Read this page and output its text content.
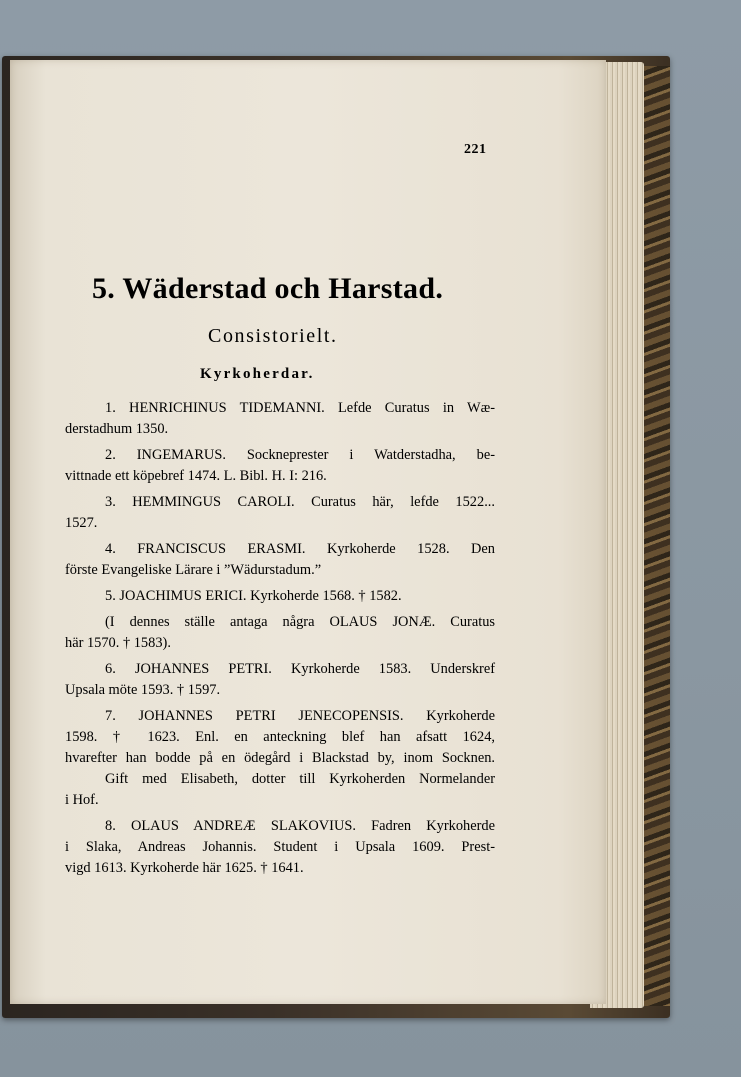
221
5. Wäderstad och Harstad.
Consistorielt.
Kyrkoherdar.
1. HENRICHINUS TIDEMANNI. Lefde Curatus in Wæ-
derstadhum 1350.
2. INGEMARUS. Sockneprester i Watderstadha, be-
vittnade ett köpebref 1474. L. Bibl. H. I: 216.
3. HEMMINGUS CAROLI. Curatus här, lefde 1522...
1527.
4. FRANCISCUS ERASMI. Kyrkoherde 1528. Den
förste Evangeliske Lärare i ”Wädurstadum.”
5. JOACHIMUS ERICI. Kyrkoherde 1568. † 1582.
(I dennes ställe antaga några OLAUS JONÆ. Curatus
här 1570. † 1583).
6. JOHANNES PETRI. Kyrkoherde 1583. Underskref
Upsala möte 1593. † 1597.
7. JOHANNES PETRI JENECOPENSIS. Kyrkoherde
1598. † 1623. Enl. en anteckning blef han afsatt 1624,
hvarefter han bodde på en ödegård i Blackstad by, inom Socknen.
Gift med Elisabeth, dotter till Kyrkoherden Normelander
i Hof.
8. OLAUS ANDREÆ SLAKOVIUS. Fadren Kyrkoherde
i Slaka, Andreas Johannis. Student i Upsala 1609. Prest-
vigd 1613. Kyrkoherde här 1625. † 1641.
